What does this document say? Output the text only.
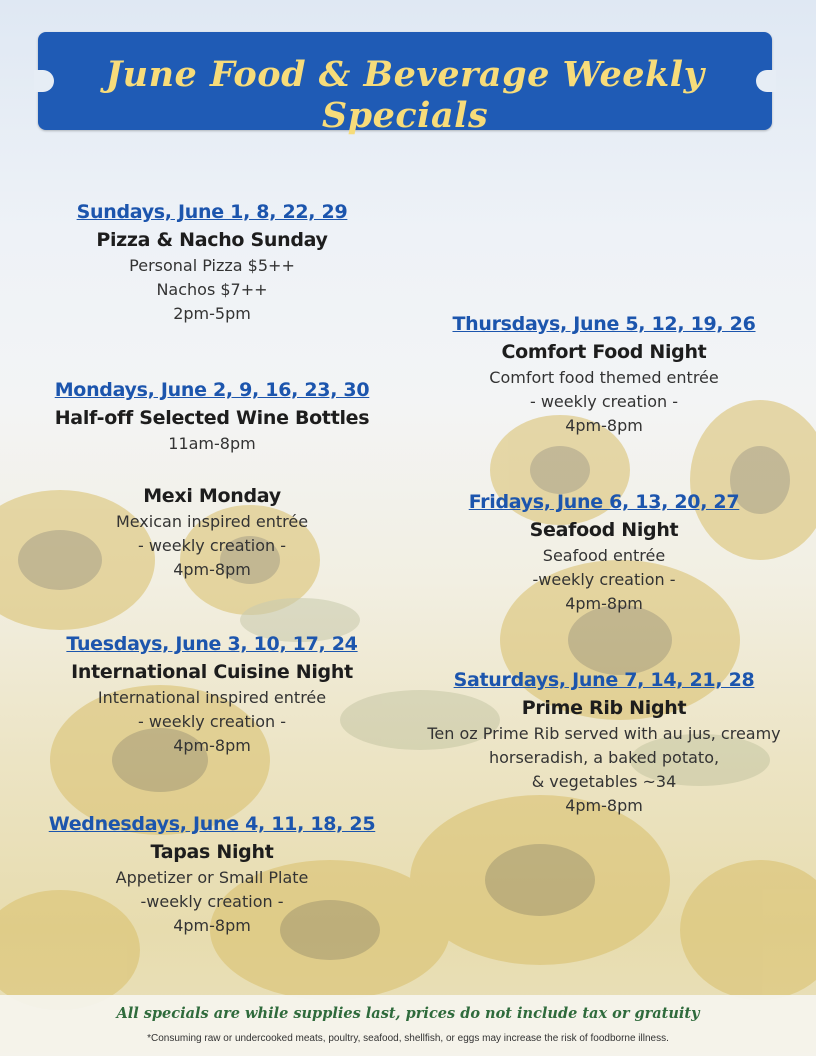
June Food & Beverage Weekly Specials
Sundays, June 1, 8, 22, 29
Pizza & Nacho Sunday
Personal Pizza $5++
Nachos $7++
2pm-5pm
Mondays, June 2, 9, 16, 23, 30
Half-off Selected Wine Bottles
11am-8pm
Mexi Monday
Mexican inspired entrée
- weekly creation -
4pm-8pm
Tuesdays, June 3, 10, 17, 24
International Cuisine Night
International inspired entrée
- weekly creation -
4pm-8pm
Wednesdays, June 4, 11, 18, 25
Tapas Night
Appetizer or Small Plate
-weekly creation -
4pm-8pm
Thursdays, June 5, 12, 19, 26
Comfort Food Night
Comfort food themed entrée
- weekly creation -
4pm-8pm
Fridays, June 6, 13, 20, 27
Seafood Night
Seafood entrée
-weekly creation -
4pm-8pm
Saturdays, June 7, 14, 21, 28
Prime Rib Night
Ten oz Prime Rib served with au jus, creamy
horseradish, a baked potato,
& vegetables ~34
4pm-8pm
All specials are while supplies last, prices do not include tax or gratuity
*Consuming raw or undercooked meats, poultry, seafood, shellfish, or eggs may increase the risk of foodborne illness.
